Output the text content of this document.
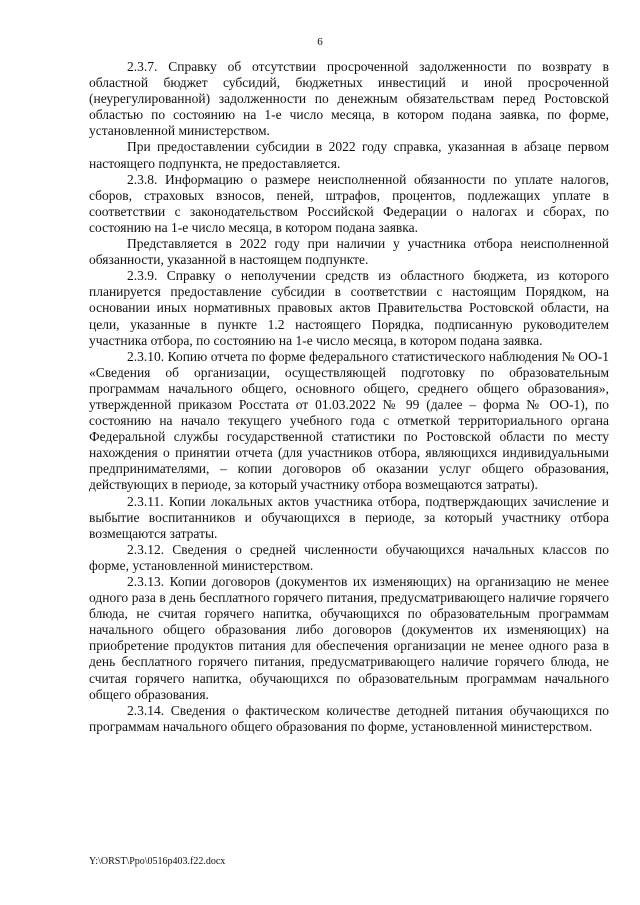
6

2.3.7. Справку об отсутствии просроченной задолженности по возврату в областной бюджет субсидий, бюджетных инвестиций и иной просроченной (неурегулированной) задолженности по денежным обязательствам перед Ростовской областью по состоянию на 1-е число месяца, в котором подана заявка, по форме, установленной министерством.

При предоставлении субсидии в 2022 году справка, указанная в абзаце первом настоящего подпункта, не предоставляется.

2.3.8. Информацию о размере неисполненной обязанности по уплате налогов, сборов, страховых взносов, пеней, штрафов, процентов, подлежащих уплате в соответствии с законодательством Российской Федерации о налогах и сборах, по состоянию на 1-е число месяца, в котором подана заявка.

Представляется в 2022 году при наличии у участника отбора неисполненной обязанности, указанной в настоящем подпункте.

2.3.9. Справку о неполучении средств из областного бюджета, из которого планируется предоставление субсидии в соответствии с настоящим Порядком, на основании иных нормативных правовых актов Правительства Ростовской области, на цели, указанные в пункте 1.2 настоящего Порядка, подписанную руководителем участника отбора, по состоянию на 1-е число месяца, в котором подана заявка.

2.3.10. Копию отчета по форме федерального статистического наблюдения № ОО-1 «Сведения об организации, осуществляющей подготовку по образовательным программам начального общего, основного общего, среднего общего образования», утвержденной приказом Росстата от 01.03.2022 № 99 (далее – форма № ОО-1), по состоянию на начало текущего учебного года с отметкой территориального органа Федеральной службы государственной статистики по Ростовской области по месту нахождения о принятии отчета (для участников отбора, являющихся индивидуальными предпринимателями, – копии договоров об оказании услуг общего образования, действующих в периоде, за который участнику отбора возмещаются затраты).

2.3.11. Копии локальных актов участника отбора, подтверждающих зачисление и выбытие воспитанников и обучающихся в периоде, за который участнику отбора возмещаются затраты.

2.3.12. Сведения о средней численности обучающихся начальных классов по форме, установленной министерством.

2.3.13. Копии договоров (документов их изменяющих) на организацию не менее одного раза в день бесплатного горячего питания, предусматривающего наличие горячего блюда, не считая горячего напитка, обучающихся по образовательным программам начального общего образования либо договоров (документов их изменяющих) на приобретение продуктов питания для обеспечения организации не менее одного раза в день бесплатного горячего питания, предусматривающего наличие горячего блюда, не считая горячего напитка, обучающихся по образовательным программам начального общего образования.

2.3.14. Сведения о фактическом количестве детодней питания обучающихся по программам начального общего образования по форме, установленной министерством.

Y:\ORST\Ppo\0516p403.f22.docx
